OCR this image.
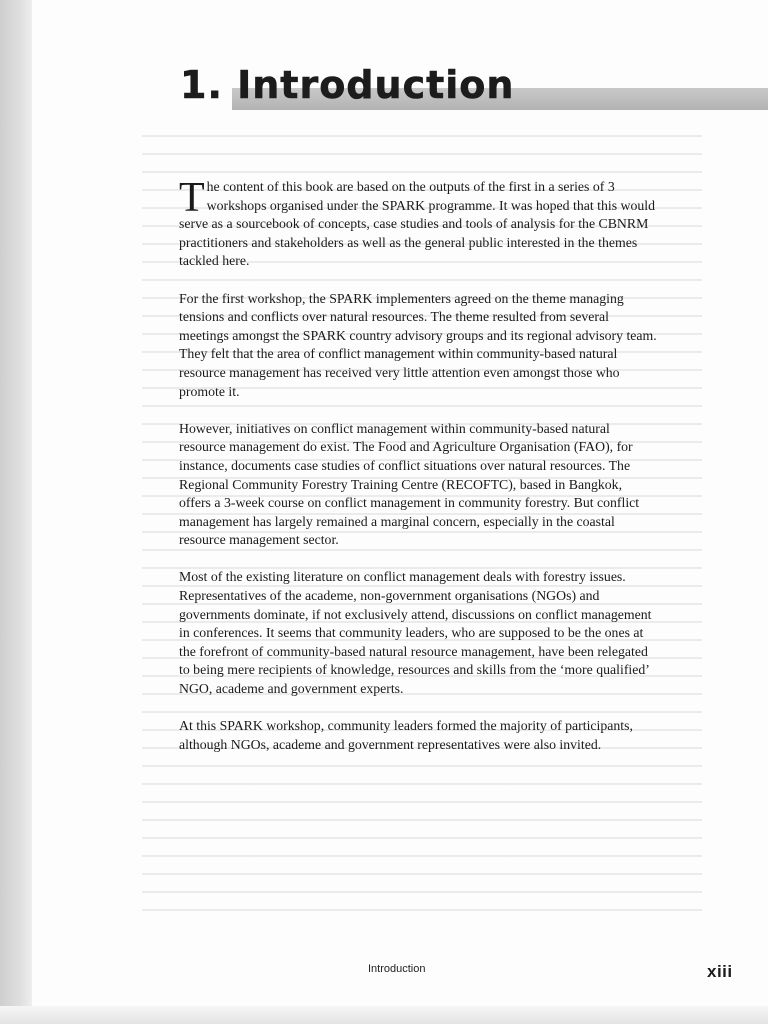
1. Introduction

The content of this book are based on the outputs of the first in a series of 3 workshops organised under the SPARK programme. It was hoped that this would serve as a sourcebook of concepts, case studies and tools of analysis for the CBNRM practitioners and stakeholders as well as the general public interested in the themes tackled here.

For the first workshop, the SPARK implementers agreed on the theme managing tensions and conflicts over natural resources. The theme resulted from several meetings amongst the SPARK country advisory groups and its regional advisory team. They felt that the area of conflict management within community-based natural resource management has received very little attention even amongst those who promote it.

However, initiatives on conflict management within community-based natural resource management do exist. The Food and Agriculture Organisation (FAO), for instance, documents case studies of conflict situations over natural resources. The Regional Community Forestry Training Centre (RECOFTC), based in Bangkok, offers a 3-week course on conflict management in community forestry. But conflict management has largely remained a marginal concern, especially in the coastal resource management sector.

Most of the existing literature on conflict management deals with forestry issues. Representatives of the academe, non-government organisations (NGOs) and governments dominate, if not exclusively attend, discussions on conflict management in conferences. It seems that community leaders, who are supposed to be the ones at the forefront of community-based natural resource management, have been relegated to being mere recipients of knowledge, resources and skills from the ‘more qualified’ NGO, academe and government experts.

At this SPARK workshop, community leaders formed the majority of participants, although NGOs, academe and government representatives were also invited.

Introduction	xiii
